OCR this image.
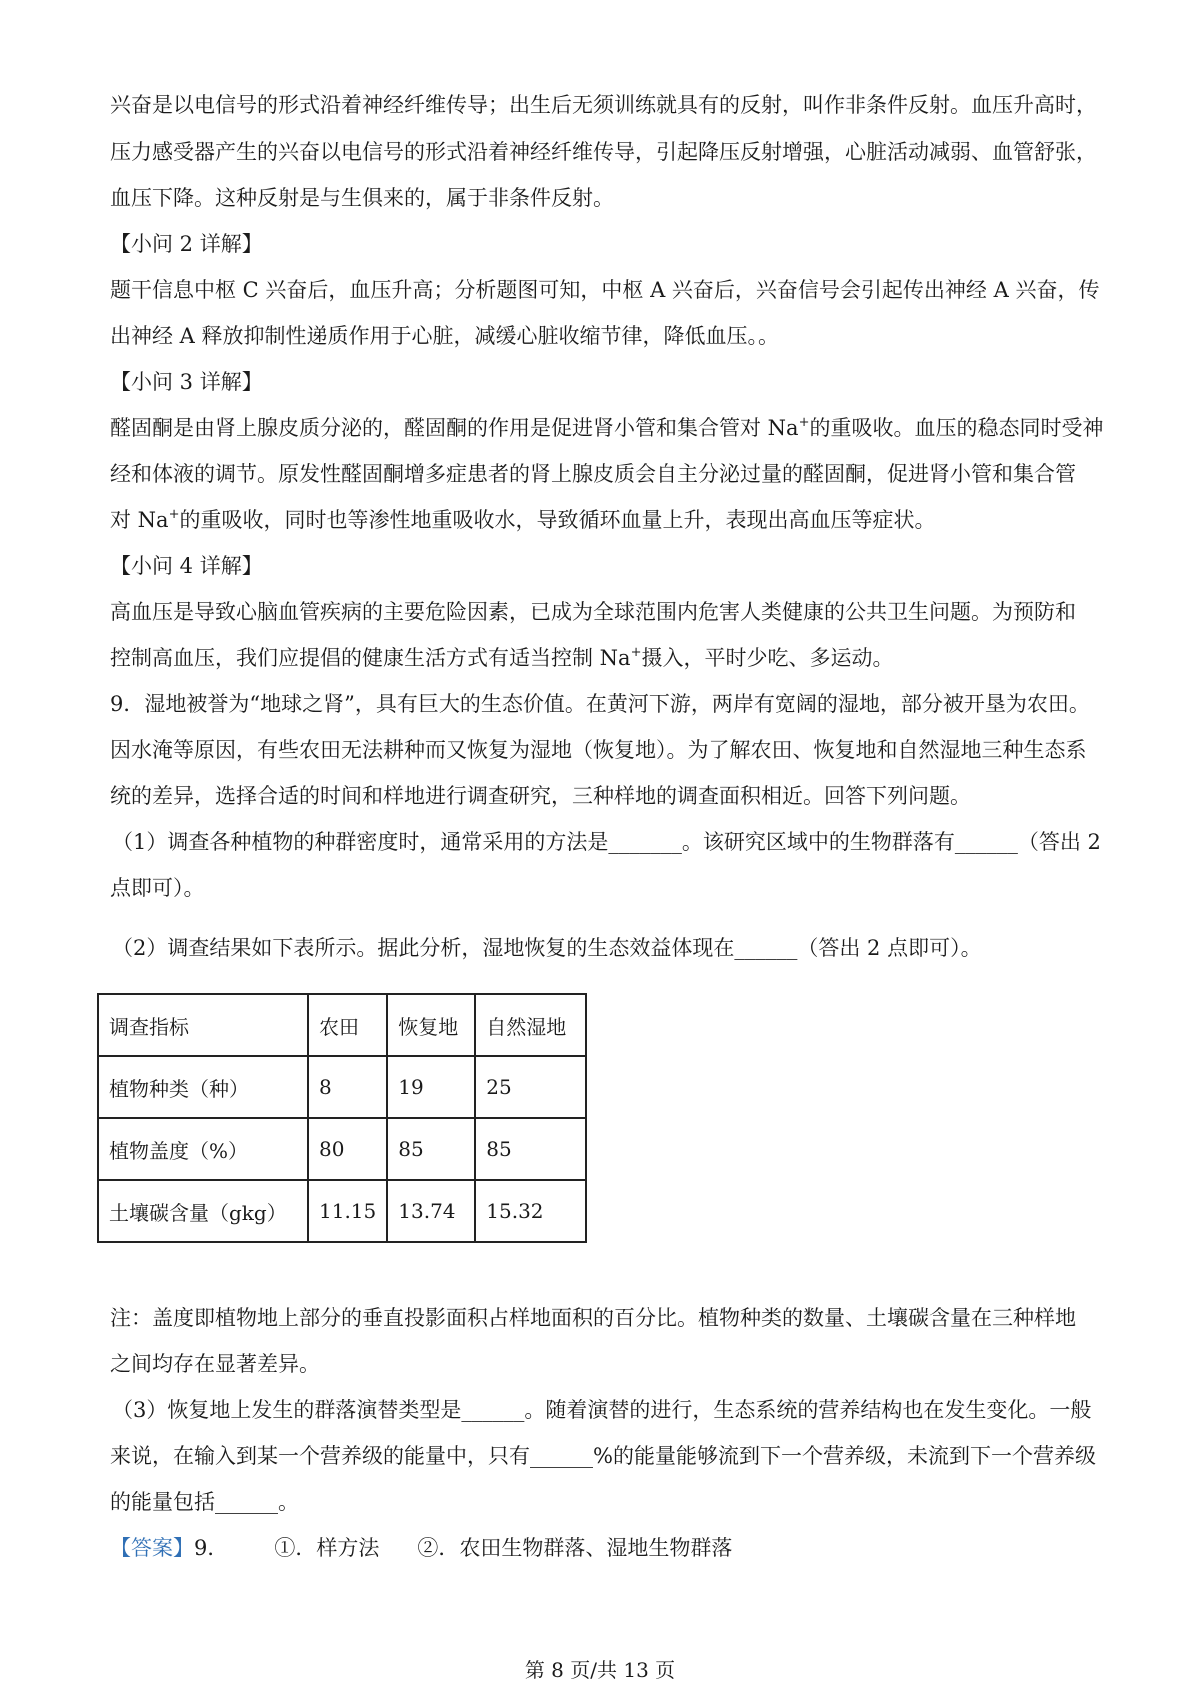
兴奋是以电信号的形式沿着神经纤维传导；出生后无须训练就具有的反射，叫作非条件反射。血压升高时，
压力感受器产生的兴奋以电信号的形式沿着神经纤维传导，引起降压反射增强，心脏活动减弱、血管舒张，
血压下降。这种反射是与生俱来的，属于非条件反射。
【小问 2 详解】
题干信息中枢 C 兴奋后，血压升高；分析题图可知，中枢 A 兴奋后，兴奋信号会引起传出神经 A 兴奋，传
出神经 A 释放抑制性递质作用于心脏，减缓心脏收缩节律，降低血压。。
【小问 3 详解】
醛固酮是由肾上腺皮质分泌的，醛固酮的作用是促进肾小管和集合管对 Na+的重吸收。血压的稳态同时受神
经和体液的调节。原发性醛固酮增多症患者的肾上腺皮质会自主分泌过量的醛固酮，促进肾小管和集合管
对 Na+的重吸收，同时也等渗性地重吸收水，导致循环血量上升，表现出高血压等症状。
【小问 4 详解】
高血压是导致心脑血管疾病的主要危险因素，已成为全球范围内危害人类健康的公共卫生问题。为预防和
控制高血压，我们应提倡的健康生活方式有适当控制 Na+摄入，平时少吃、多运动。
9．湿地被誉为“地球之肾”，具有巨大的生态价值。在黄河下游，两岸有宽阔的湿地，部分被开垦为农田。
因水淹等原因，有些农田无法耕种而又恢复为湿地（恢复地）。为了解农田、恢复地和自然湿地三种生态系
统的差异，选择合适的时间和样地进行调查研究，三种样地的调查面积相近。回答下列问题。
（1）调查各种植物的种群密度时，通常采用的方法是_______。该研究区域中的生物群落有______（答出 2
点即可）。
（2）调查结果如下表所示。据此分析，湿地恢复的生态效益体现在______（答出 2 点即可）。
调查指标	农田	恢复地	自然湿地
植物种类（种）	8	19	25
植物盖度（%）	80	85	85
土壤碳含量（gkg）	11.15	13.74	15.32
注：盖度即植物地上部分的垂直投影面积占样地面积的百分比。植物种类的数量、土壤碳含量在三种样地
之间均存在显著差异。
（3）恢复地上发生的群落演替类型是______。随着演替的进行，生态系统的营养结构也在发生变化。一般
来说，在输入到某一个营养级的能量中，只有______%的能量能够流到下一个营养级，未流到下一个营养级
的能量包括______。
【答案】9． ①．样方法 ②．农田生物群落、湿地生物群落
第 8 页/共 13 页
